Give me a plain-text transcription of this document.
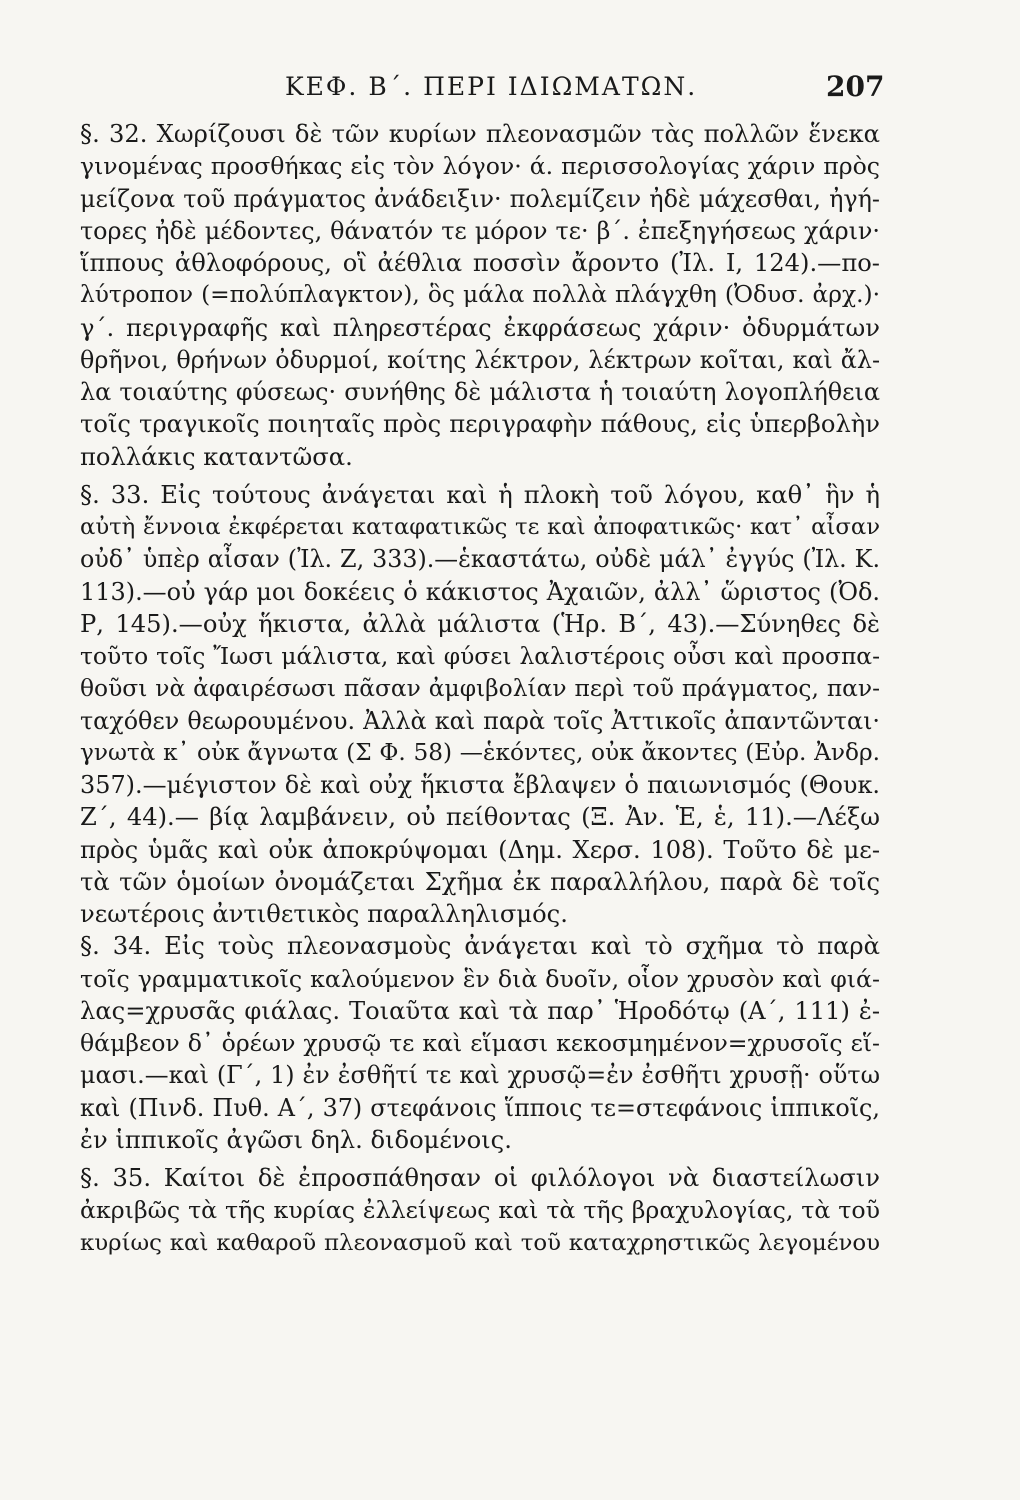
ΚΕΦ. Β΄. ΠΕΡΙ ΙΔΙΩΜΑΤΩΝ.	207
§. 32. Χωρίζουσι δὲ τῶν κυρίων πλεονασμῶν τὰς πολλῶν ἕνεκα
γινομένας προσθήκας εἰς τὸν λόγον· ά. περισσολογίας χάριν πρὸς
μείζονα τοῦ πράγματος ἀνάδειξιν· πολεμίζειν ἠδὲ μάχεσθαι, ἠγή-
τορες ἠδὲ μέδοντες, θάνατόν τε μόρον τε· β΄. ἐπεξηγήσεως χάριν·
ἵππους ἀθλοφόρους, οἳ ἀέθλια ποσσὶν ἄροντο (Ἰλ. Ι, 124).—πο-
λύτροπον (=πολύπλαγκτον), ὃς μάλα πολλὰ πλάγχθη (Ὀδυσ. ἀρχ.)·
γ΄. περιγραφῆς καὶ πληρεστέρας ἐκφράσεως χάριν· ὀδυρμάτων
θρῆνοι, θρήνων ὀδυρμοί, κοίτης λέκτρον, λέκτρων κοῖται, καὶ ἄλ-
λα τοιαύτης φύσεως· συνήθης δὲ μάλιστα ἡ τοιαύτη λογοπλήθεια
τοῖς τραγικοῖς ποιηταῖς πρὸς περιγραφὴν πάθους, εἰς ὑπερβολὴν
πολλάκις καταντῶσα.
§. 33. Εἰς τούτους ἀνάγεται καὶ ἡ πλοκὴ τοῦ λόγου, καθ᾽ ἣν ἡ
αὐτὴ ἔννοια ἐκφέρεται καταφατικῶς τε καὶ ἀποφατικῶς· κατ᾽ αἶσαν
οὐδ᾽ ὑπὲρ αἶσαν (Ἰλ. Ζ, 333).—ἑκαστάτω, οὐδὲ μάλ᾽ ἐγγύς (Ἰλ. Κ.
113).—οὐ γάρ μοι δοκέεις ὁ κάκιστος Ἀχαιῶν, ἀλλ᾽ ὥριστος (Ὀδ.
Ρ, 145).—οὐχ ἥκιστα, ἀλλὰ μάλιστα (Ἡρ. Β΄, 43).—Σύνηθες δὲ
τοῦτο τοῖς Ἴωσι μάλιστα, καὶ φύσει λαλιστέροις οὖσι καὶ προσπα-
θοῦσι νὰ ἀφαιρέσωσι πᾶσαν ἀμφιβολίαν περὶ τοῦ πράγματος, παν-
ταχόθεν θεωρουμένου. Ἀλλὰ καὶ παρὰ τοῖς Ἀττικοῖς ἀπαντῶνται·
γνωτὰ κ᾽ οὐκ ἄγνωτα (Σ Φ. 58) —ἑκόντες, οὐκ ἄκοντες (Εὐρ. Ἀνδρ.
357).—μέγιστον δὲ καὶ οὐχ ἥκιστα ἔβλαψεν ὁ παιωνισμός (Θουκ.
Ζ΄, 44).— βίᾳ λαμβάνειν, οὐ πείθοντας (Ξ. Ἀν. Ἑ, ἑ, 11).—Λέξω
πρὸς ὑμᾶς καὶ οὐκ ἀποκρύψομαι (Δημ. Χερσ. 108). Τοῦτο δὲ με-
τὰ τῶν ὁμοίων ὀνομάζεται Σχῆμα ἐκ παραλλήλου, παρὰ δὲ τοῖς
νεωτέροις ἀντιθετικὸς παραλληλισμός.
§. 34. Εἰς τοὺς πλεονασμοὺς ἀνάγεται καὶ τὸ σχῆμα τὸ παρὰ
τοῖς γραμματικοῖς καλούμενον ἓν διὰ δυοῖν, οἷον χρυσὸν καὶ φιά-
λας=χρυσᾶς φιάλας. Τοιαῦτα καὶ τὰ παρ᾽ Ἡροδότῳ (Α΄, 111) ἐ-
θάμβεον δ᾽ ὁρέων χρυσῷ τε καὶ εἵμασι κεκοσμημένον=χρυσοῖς εἵ-
μασι.—καὶ (Γ΄, 1) ἐν ἐσθῆτί τε καὶ χρυσῷ=ἐν ἐσθῆτι χρυσῇ· οὕτω
καὶ (Πινδ. Πυθ. Α΄, 37) στεφάνοις ἵπποις τε=στεφάνοις ἱππικοῖς,
ἐν ἱππικοῖς ἀγῶσι δηλ. διδομένοις.
§. 35. Καίτοι δὲ ἐπροσπάθησαν οἱ φιλόλογοι νὰ διαστείλωσιν
ἀκριβῶς τὰ τῆς κυρίας ἐλλείψεως καὶ τὰ τῆς βραχυλογίας, τὰ τοῦ
κυρίως καὶ καθαροῦ πλεονασμοῦ καὶ τοῦ καταχρηστικῶς λεγομένου
